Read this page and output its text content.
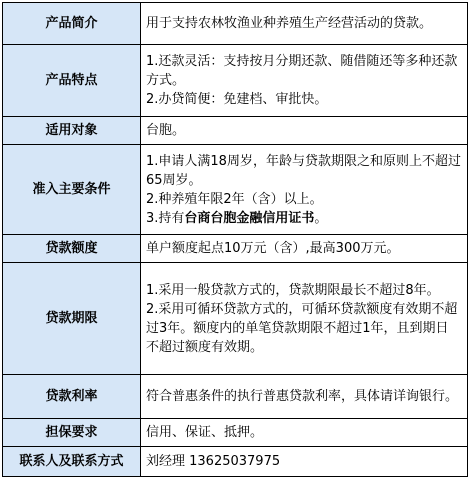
产品简介	用于支持农林牧渔业种养殖生产经营活动的贷款。

产品特点	1.还款灵活：支持按月分期还款、随借随还等多种还款方式。
2.办贷简便：免建档、审批快。

适用对象	台胞。

准入主要条件	1.申请人满18周岁，年龄与贷款期限之和原则上不超过65周岁。
2.种养殖年限2年（含）以上。
3.持有台商台胞金融信用证书。

贷款额度	单户额度起点10万元（含）,最高300万元。

贷款期限	1.采用一般贷款方式的，贷款期限最长不超过8年。
2.采用可循环贷款方式的，可循环贷款额度有效期不超过3年。额度内的单笔贷款期限不超过1年，且到期日不超过额度有效期。

贷款利率	符合普惠条件的执行普惠贷款利率，具体请详询银行。

担保要求	信用、保证、抵押。

联系人及联系方式	刘经理 13625037975
